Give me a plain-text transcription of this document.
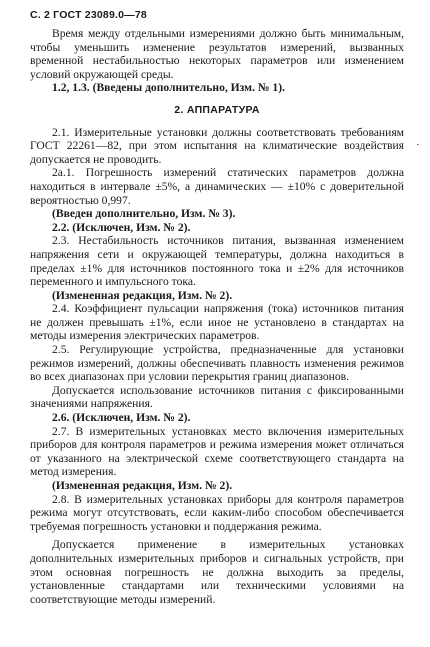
С. 2 ГОСТ 23089.0—78
·

Время между отдельными измерениями должно быть минимальным, чтобы уменьшить изменение результатов измерений, вызванных временной нестабильностью некоторых параметров или изменением условий окружающей среды.

1.2, 1.3. (Введены дополнительно, Изм. № 1).

2. АППАРАТУРА

2.1. Измерительные установки должны соответствовать требованиям ГОСТ 22261—82, при этом испытания на климатические воздействия допускается не проводить.

2а.1. Погрешность измерений статических параметров должна находиться в интервале ±5%, а динамических — ±10% с доверительной вероятностью 0,997.

(Введен дополнительно, Изм. № 3).

2.2. (Исключен, Изм. № 2).

2.3. Нестабильность источников питания, вызванная изменением напряжения сети и окружающей температуры, должна находиться в пределах ±1% для источников постоянного тока и ±2% для источников переменного и импульсного тока.

(Измененная редакция, Изм. № 2).

2.4. Коэффициент пульсации напряжения (тока) источников питания не должен превышать ±1%, если иное не установлено в стандартах на методы измерения электрических параметров.

2.5. Регулирующие устройства, предназначенные для установки режимов измерений, должны обеспечивать плавность изменения режимов во всех диапазонах при условии перекрытия границ диапазонов.

Допускается использование источников питания с фиксированными значениями напряжения.

2.6. (Исключен, Изм. № 2).

2.7. В измерительных установках место включения измерительных приборов для контроля параметров и режима измерения может отличаться от указанного на электрической схеме соответствующего стандарта на метод измерения.

(Измененная редакция, Изм. № 2).

2.8. В измерительных установках приборы для контроля параметров режима могут отсутствовать, если каким-либо способом обеспечивается требуемая погрешность установки и поддержания режима.

Допускается применение в измерительных установках дополнительных измерительных приборов и сигнальных устройств, при этом основная погрешность не должна выходить за пределы, установленные стандартами или техническими условиями на соответствующие методы измерений.
